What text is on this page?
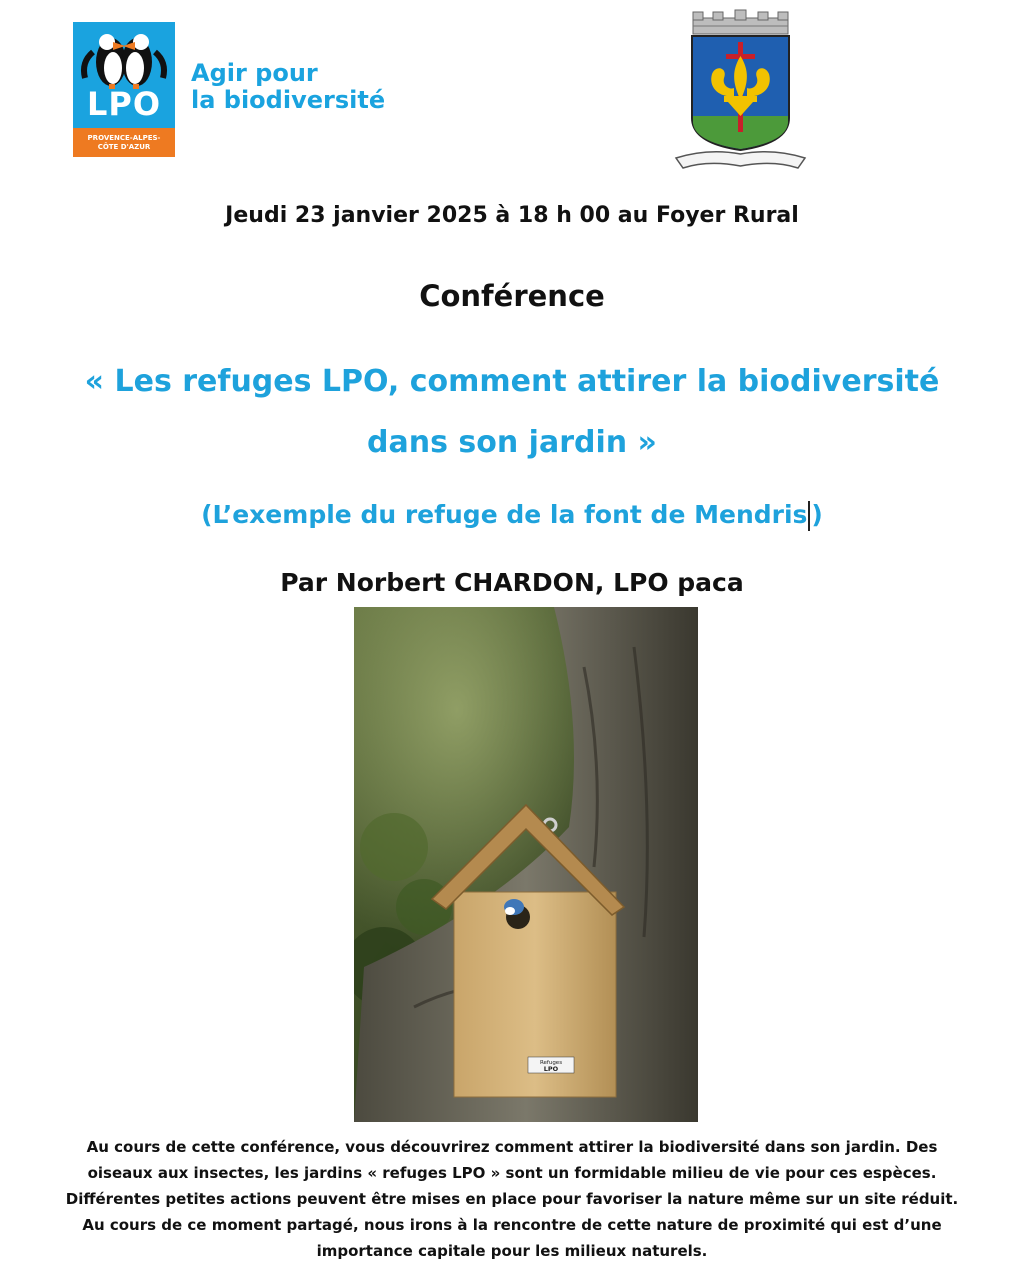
LPO
PROVENCE-ALPES-
CÔTE D'AZUR
Agir pour
la biodiversité
Jeudi 23 janvier 2025 à 18 h 00 au Foyer Rural
Conférence
« Les refuges LPO, comment attirer la biodiversité
dans son jardin »
(L’exemple du refuge de la font de Mendris )
Par Norbert CHARDON, LPO paca
Refuges
LPO
Au cours de cette conférence, vous découvrirez comment attirer la biodiversité dans son jardin. Des
oiseaux aux insectes, les jardins « refuges LPO » sont un formidable milieu de vie pour ces espèces.
Différentes petites actions peuvent être mises en place pour favoriser la nature même sur un site réduit.
Au cours de ce moment partagé, nous irons à la rencontre de cette nature de proximité qui est d’une
importance capitale pour les milieux naturels.
